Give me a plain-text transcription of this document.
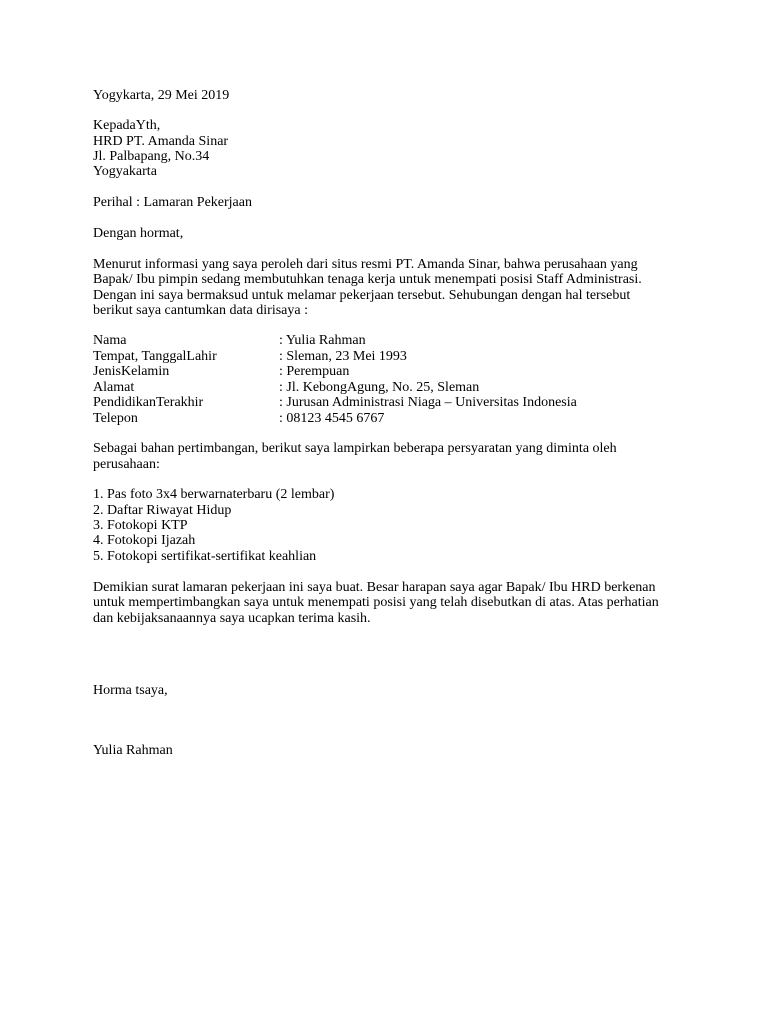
Yogykarta, 29 Mei 2019
KepadaYth,
HRD PT. Amanda Sinar
Jl. Palbapang, No.34
Yogyakarta
Perihal : Lamaran Pekerjaan
Dengan hormat,
Menurut informasi yang saya peroleh dari situs resmi PT. Amanda Sinar, bahwa perusahaan yang
Bapak/ Ibu pimpin sedang membutuhkan tenaga kerja untuk menempati posisi Staff Administrasi.
Dengan ini saya bermaksud untuk melamar pekerjaan tersebut. Sehubungan dengan hal tersebut
berikut saya cantumkan data dirisaya :
Nama	: Yulia Rahman
Tempat, TanggalLahir	: Sleman, 23 Mei 1993
JenisKelamin	: Perempuan
Alamat	: Jl. KebongAgung, No. 25, Sleman
PendidikanTerakhir	: Jurusan Administrasi Niaga – Universitas Indonesia
Telepon	: 08123 4545 6767
Sebagai bahan pertimbangan, berikut saya lampirkan beberapa persyaratan yang diminta oleh
perusahaan:
1. Pas foto 3x4 berwarnaterbaru (2 lembar)
2. Daftar Riwayat Hidup
3. Fotokopi KTP
4. Fotokopi Ijazah
5. Fotokopi sertifikat-sertifikat keahlian
Demikian surat lamaran pekerjaan ini saya buat. Besar harapan saya agar Bapak/ Ibu HRD berkenan
untuk mempertimbangkan saya untuk menempati posisi yang telah disebutkan di atas. Atas perhatian
dan kebijaksanaannya saya ucapkan terima kasih.
Horma tsaya,
Yulia Rahman
